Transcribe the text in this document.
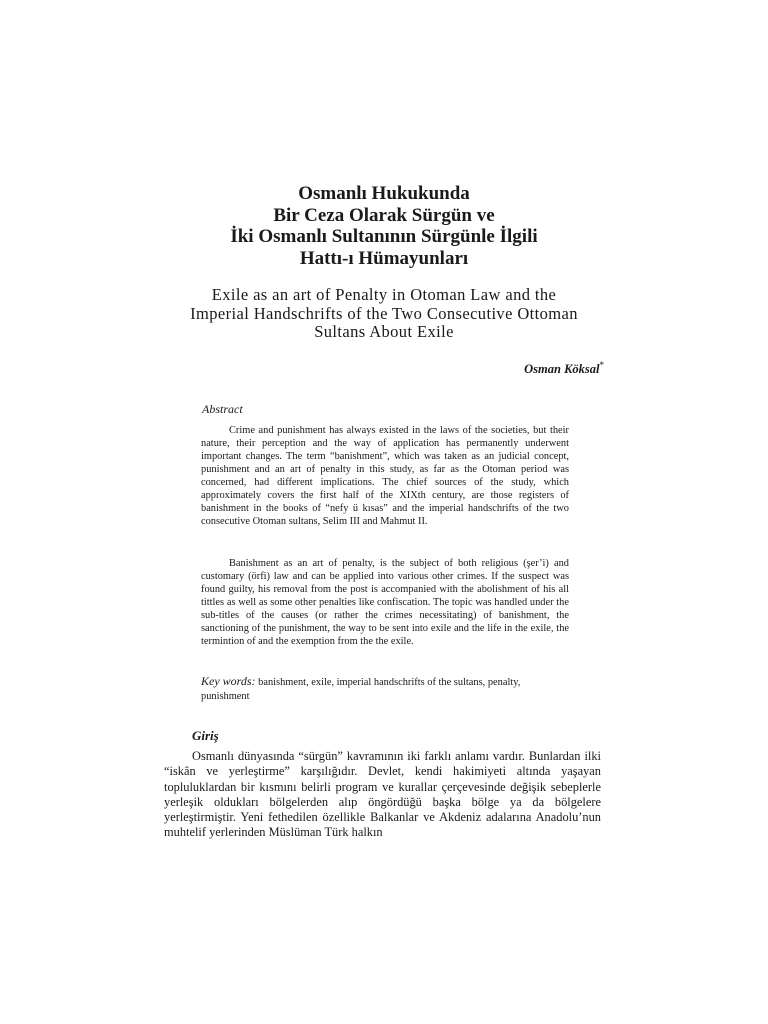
Osmanlı Hukukunda
Bir Ceza Olarak Sürgün ve
İki Osmanlı Sultanının Sürgünle İlgili
Hattı-ı Hümayunları
Exile as an art of Penalty in Otoman Law and the
Imperial Handschrifts of the Two Consecutive Ottoman
Sultans About Exile
Osman Köksal*
Abstract

Crime and punishment has always existed in the laws of the societies, but their nature, their perception and the way of application has permanently underwent important changes. The term “banishment”, which was taken as an judicial concept, punishment and an art of penalty in this study, as far as the Otoman period was concerned, had different implications. The chief sources of the study, which approximately covers the first half of the XIXth century, are those registers of banishment in the books of “nefy ü kısas” and the imperial handschrifts of the two consecutive Otoman sultans, Selim III and Mahmut II.

Banishment as an art of penalty, is the subject of both religious (şer’i) and customary (örfi) law and can be applied into various other crimes. If the suspect was found guilty, his removal from the post is accompanied with the abolishment of his all tittles as well as some other penalties like confiscation. The topic was handled under the sub-titles of the causes (or rather the crimes necessitating) of banishment, the sanctioning of the punishment, the way to be sent into exile and the life in the exile, the termintion of and the exemption from the the exile.

Key words: banishment, exile, imperial handschrifts of the sultans, penalty, punishment

Giriş

Osmanlı dünyasında “sürgün” kavramının iki farklı anlamı vardır. Bunlardan ilki “iskân ve yerleştirme” karşılığıdır. Devlet, kendi hakimiyeti altında yaşayan topluluklardan bir kısmını belirli program ve kurallar çerçevesinde değişik sebeplerle yerleşik oldukları bölgelerden alıp öngördüğü başka bölge ya da bölgelere yerleştirmiştir. Yeni fethedilen özellikle Balkanlar ve Akdeniz adalarına Anadolu’nun muhtelif yerlerinden Müslüman Türk halkın
